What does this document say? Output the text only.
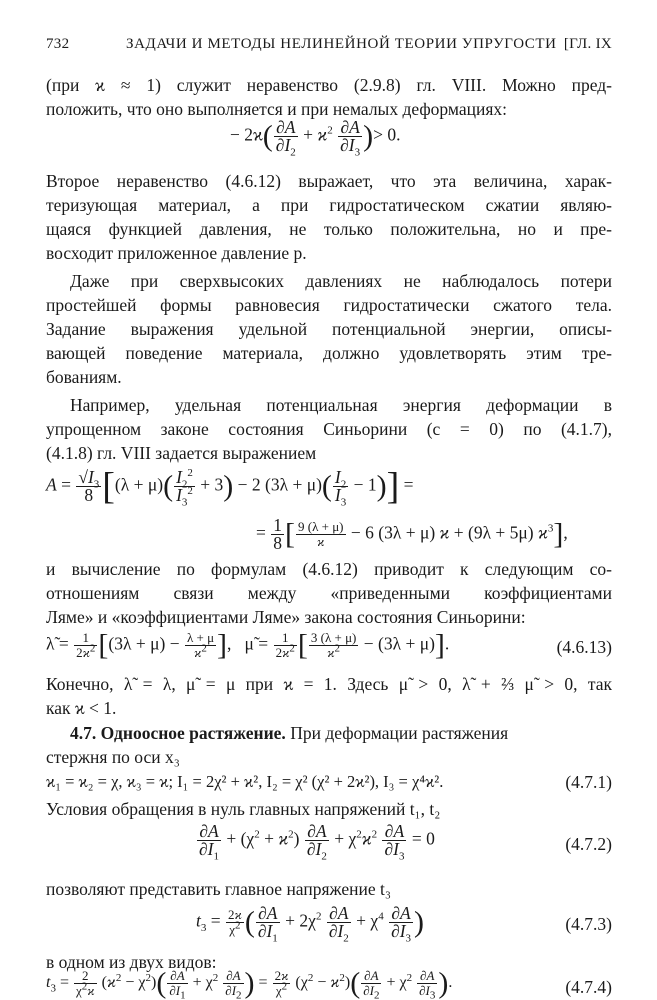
732	ЗАДАЧИ И МЕТОДЫ НЕЛИНЕЙНОЙ ТЕОРИИ УПРУГОСТИ [ГЛ. IX
(при ϰ ≈ 1) служит неравенство (2.9.8) гл. VIII. Можно пред-
положить, что оно выполняется и при немалых деформациях:
− $2ϰ( \frac{\partial A}{\partial I_2} + ϰ^2 \frac{\partial A}{\partial I_3}$ )> 0.
Второе неравенство (4.6.12) выражает, что эта величина, харак-
теризующая материал, а при гидростатическом сжатии являю-
щаяся функцией давления, не только положительна, но и пре-
восходит приложенное давление p.
Даже при сверхвысоких давлениях не наблюдалось потери
простейшей формы равновесия гидростатически сжатого тела.
Задание выражения удельной потенциальной энергии, описы-
вающей поведение материала, должно удовлетворять этим тре-
бованиям.
Например, удельная потенциальная энергия деформации в
упрощенном законе состояния Синьорини (c = 0) по (4.1.7),
(4.1.8) гл. VIII задается выражением
$A = \frac{√I_3}{8} [(\lambda + \mu)( \frac{I_2^2}{I_3^2} + 3) - 2$ $(3\lambda + \mu)( \frac{I_2}{I_3} - 1)$] =
= $\frac{1}{8}$ [ $\frac{9 (\lambda + \mu)}{ϰ} - 6$ (3λ + μ) ϰ + (9λ + 5μ) $ϰ^3$],
и вычисление по формулам (4.6.12) приводит к следующим со-
отношениям связи между «приведенными коэффициентами
Ляме» и «коэффициентами Ляме» закона состояния Синьорини:
λ̃ = $\frac{1}{2ϰ^2} [(3\lambda + \mu) - \frac{\lambda + \mu}{ϰ^2}$ ],   μ̃ = $\frac{1}{2ϰ^2}$ [ $\frac{3 (\lambda + \mu)}{ϰ^2} - (3\lambda + \mu)$].	(4.6.13)
Конечно, λ̃ = λ, μ̃ = μ при ϰ = 1. Здесь μ̃ > 0, λ̃ + ⅔ μ̃ > 0, так
как ϰ < 1.
4.7. Одноосное растяжение. При деформации растяжения
стержня по оси x₃
ϰ₁ = ϰ₂ = χ, ϰ₃ = ϰ; I₁ = 2χ² + ϰ², I₂ = χ² (χ² + 2ϰ²), I₃ = χ⁴ϰ².	(4.7.1)
Условия обращения в нуль главных напряжений t₁, t₂
$\frac{\partial A}{\partial I_1} + (\chi^2 + ϰ^2) \frac{\partial A}{\partial I_2} + \chi^2ϰ^2 \frac{\partial A}{\partial I_3} = 0$	(4.7.2)
позволяют представить главное напряжение t₃
$t_3 = \frac{2ϰ}{\chi^2}$ ( $\frac{\partial A}{\partial I_1} + 2\chi^2 \frac{\partial A}{\partial I_2} + \chi^4 \frac{\partial A}{\partial I_3}$ )	(4.7.3)
в одном из двух видов:
$t_3 = \frac{2}{\chi^2ϰ} (ϰ^2 - \chi^2)( \frac{\partial A}{\partial I_1} + \chi^2 \frac{\partial A}{\partial I_2}$ ) = $\frac{2ϰ}{\chi^2} (\chi^2 - ϰ^2)( \frac{\partial A}{\partial I_2} + \chi^2 \frac{\partial A}{\partial I_3}$ ).	(4.7.4)
